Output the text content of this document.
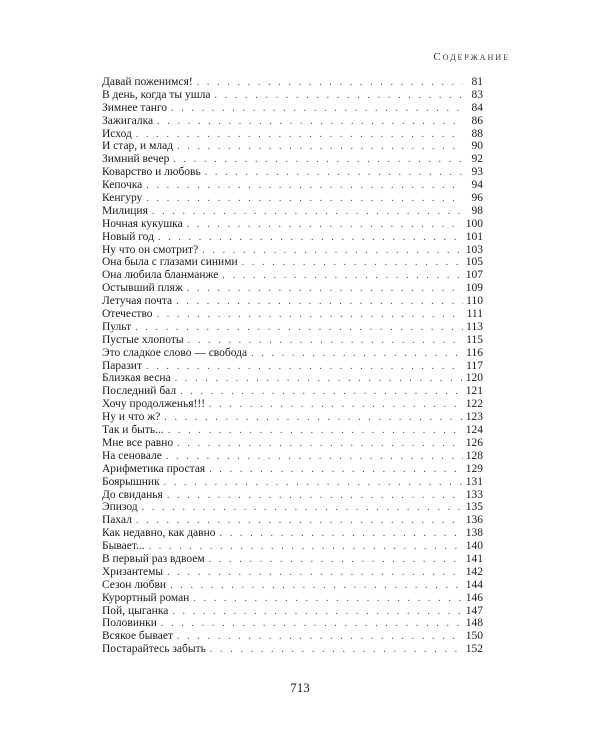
Содержание
Давай поженимся! . . .	81
В день, когда ты ушла . . .	83
Зимнее танго . . .	84
Зажигалка . . .	86
Исход . . .	88
И стар, и млад . . .	90
Зимний вечер . . .	92
Коварство и любовь . . .	93
Кепочка . . .	94
Кенгуру . . .	96
Милиция . . .	98
Ночная кукушка . . .	100
Новый год . . .	101
Ну что он смотрит? . . .	103
Она была с глазами синими . . .	105
Она любила бланманже . . .	107
Остывший пляж . . .	109
Летучая почта . . .	110
Отечество . . .	111
Пульт . . .	113
Пустые хлопоты . . .	115
Это сладкое слово — свобода . . .	116
Паразит . . .	117
Близкая весна . . .	120
Последний бал . . .	121
Хочу продолженья!!! . . .	122
Ну и что ж? . . .	123
Так и быть... . . .	124
Мне все равно . . .	126
На сеновале . . .	128
Арифметика простая . . .	129
Боярышник . . .	131
До свиданья . . .	133
Эпизод . . .	135
Пахал . . .	136
Как недавно, как давно . . .	138
Бывает... . . .	140
В первый раз вдвоем . . .	141
Хризантемы . . .	142
Сезон любви . . .	144
Курортный роман . . .	146
Пой, цыганка . . .	147
Половинки . . .	148
Всякое бывает . . .	150
Постарайтесь забыть . . .	152
713
